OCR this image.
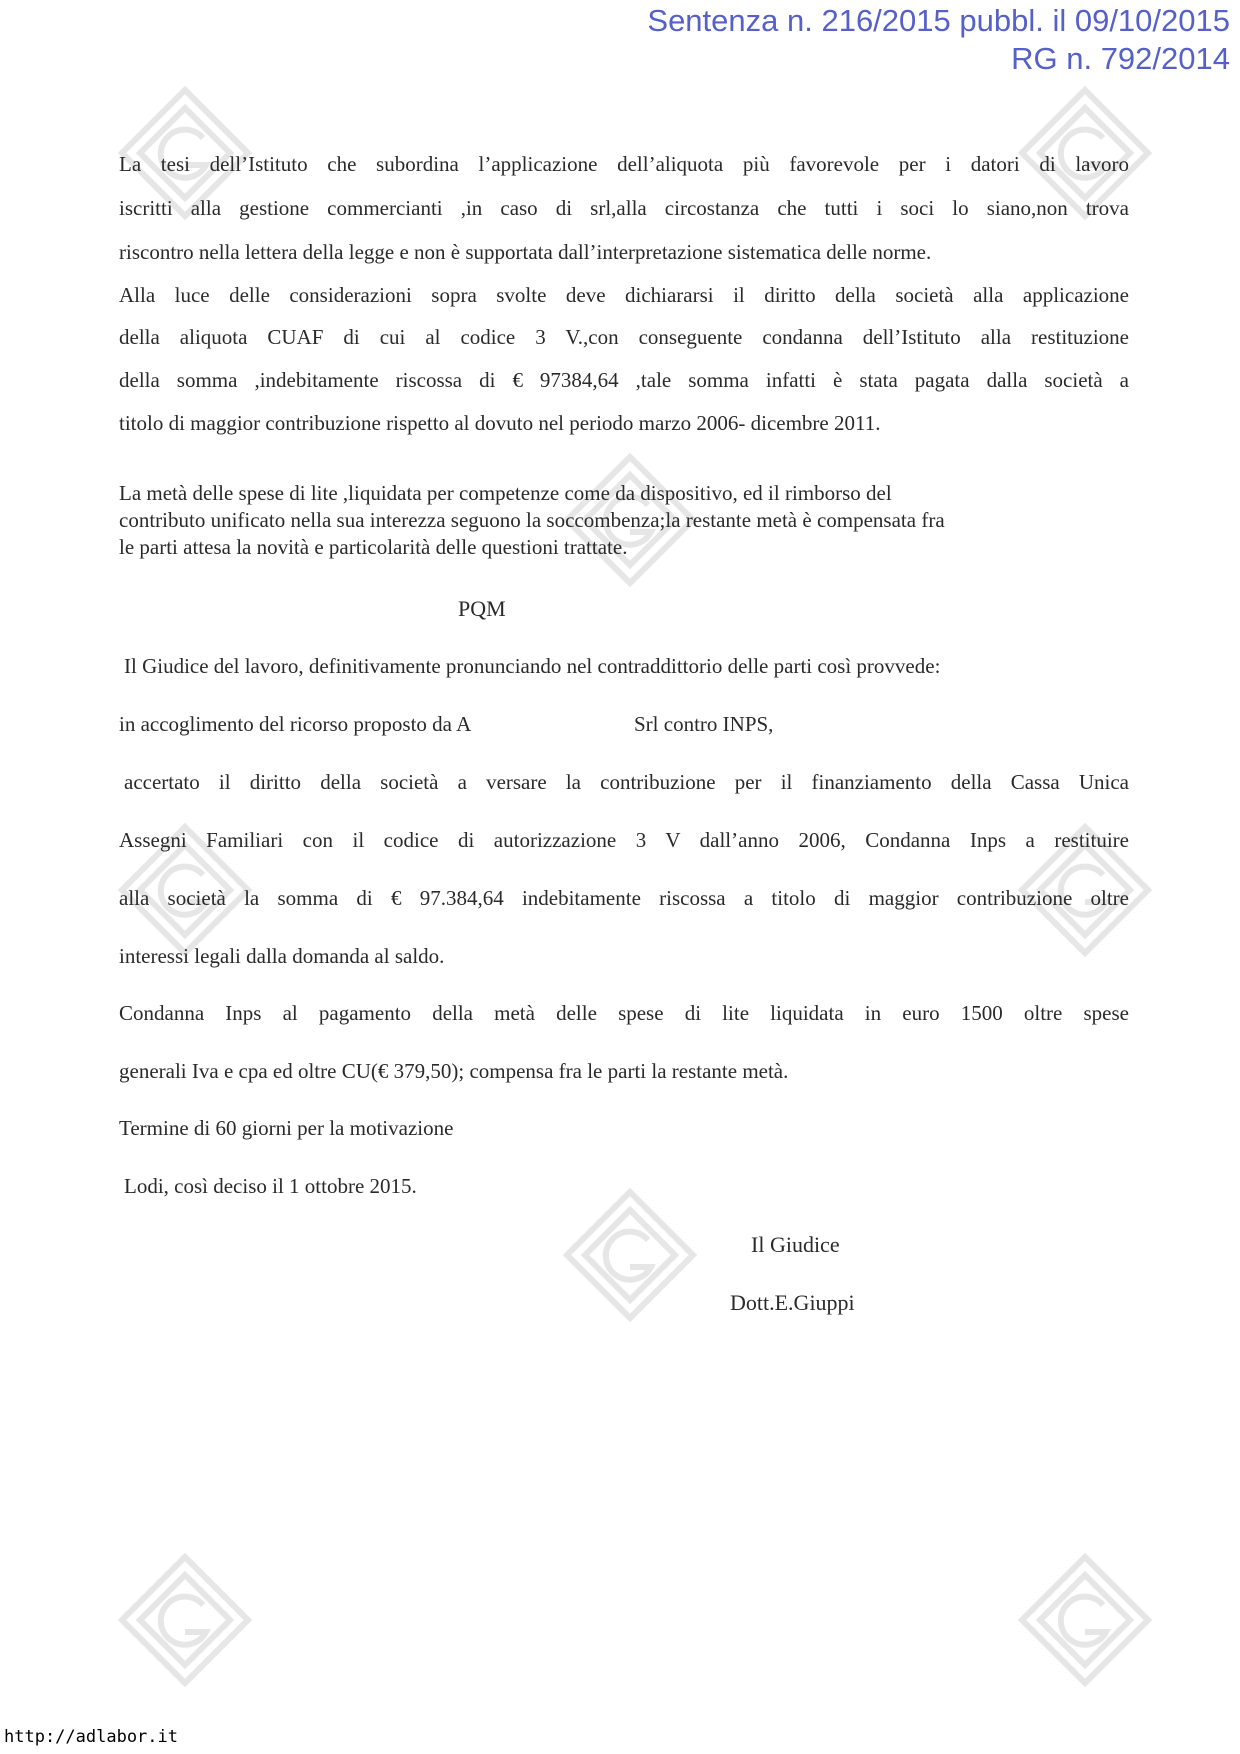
Sentenza n. 216/2015 pubbl. il 09/10/2015
RG n. 792/2014
La tesi dell’Istituto che subordina l’applicazione dell’aliquota più favorevole per i datori di lavoro
iscritti alla gestione commercianti ,in caso di srl,alla circostanza che tutti i soci lo siano,non trova
riscontro nella lettera della legge e non è supportata dall’interpretazione sistematica delle norme.
Alla luce delle considerazioni sopra svolte deve dichiararsi il diritto della società alla applicazione
della aliquota CUAF di cui al codice 3 V.,con conseguente condanna dell’Istituto alla restituzione
della somma ,indebitamente riscossa di € 97384,64 ,tale somma infatti è stata pagata dalla società a
titolo di maggior contribuzione rispetto al dovuto nel periodo marzo 2006- dicembre 2011.
La metà delle spese di lite ,liquidata per competenze come da dispositivo, ed il rimborso del
contributo unificato nella sua interezza seguono la soccombenza;la restante metà è compensata fra
le parti attesa la novità e particolarità delle questioni trattate.
PQM
Il Giudice del lavoro, definitivamente pronunciando nel contraddittorio delle parti così provvede:
in accoglimento del ricorso proposto da A	Srl contro INPS,
accertato il diritto della società a versare la contribuzione per il finanziamento della Cassa Unica
Assegni Familiari con il codice di autorizzazione 3 V dall’anno 2006, Condanna Inps a restituire
alla società la somma di € 97.384,64 indebitamente riscossa a titolo di maggior contribuzione oltre
interessi legali dalla domanda al saldo.
Condanna Inps al pagamento della metà delle spese di lite liquidata in euro 1500 oltre spese
generali Iva e cpa ed oltre CU(€ 379,50); compensa fra le parti la restante metà.
Termine di 60 giorni per la motivazione
Lodi, così deciso il 1 ottobre 2015.
Il Giudice
Dott.E.Giuppi
http://adlabor.it
